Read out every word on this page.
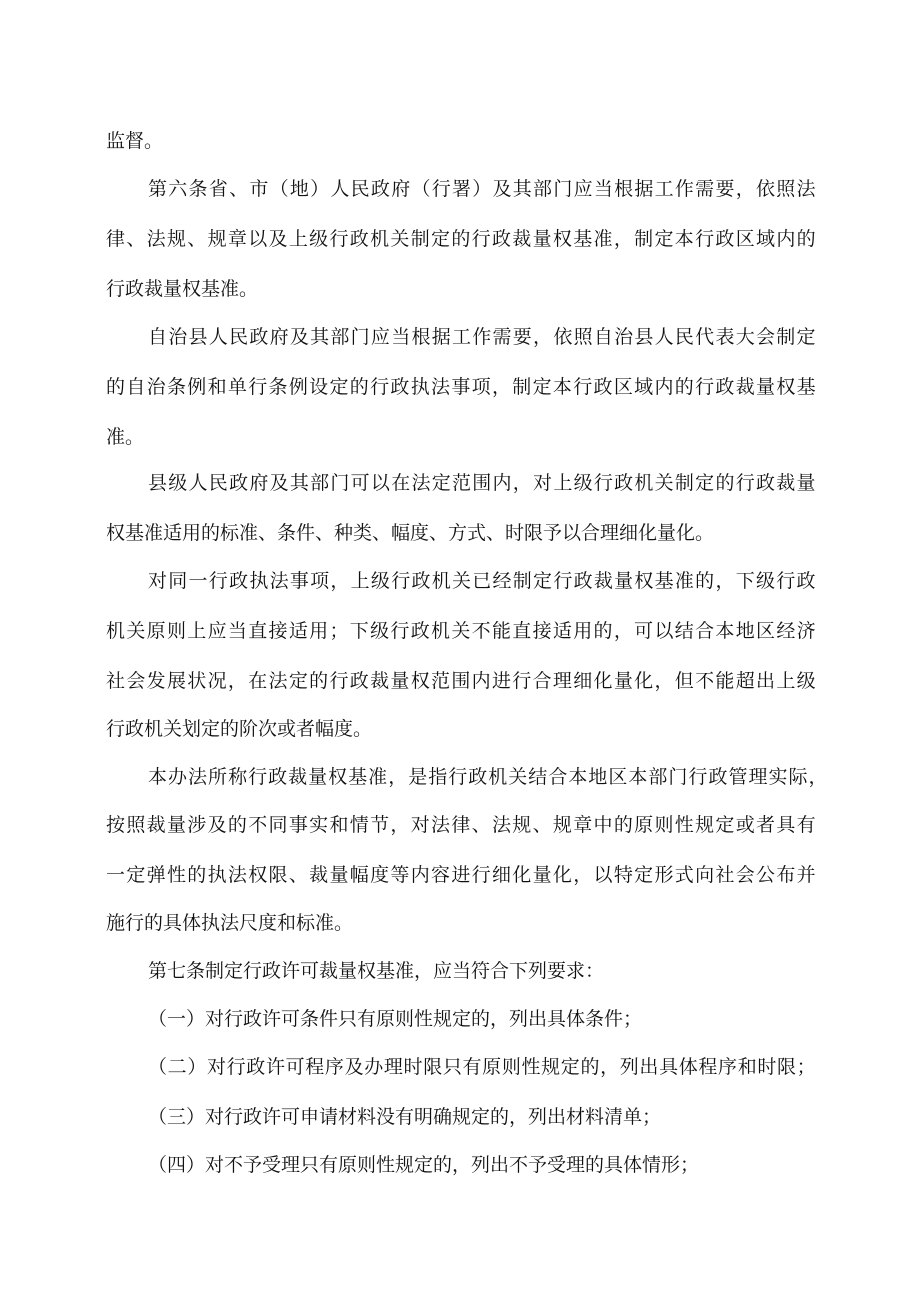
监督。

第 六 条 省 、 市 （ 地 ） 人 民 政 府 （ 行 署 ） 及 其 部 门 应 当 根 据 工 作 需 要 ， 依 照 法

律 、 法 规 、 规 章 以 及 上 级 行 政 机 关 制 定 的 行 政 裁 量 权 基 准 ， 制 定 本 行 政 区 域 内 的

行政裁量权基准。

自 治 县 人 民 政 府 及 其 部 门 应 当 根 据 工 作 需 要 ， 依 照 自 治 县 人 民 代 表 大 会 制 定

的 自 治 条 例 和 单 行 条 例 设 定 的 行 政 执 法 事 项 ， 制 定 本 行 政 区 域 内 的 行 政 裁 量 权 基

准。

县 级 人 民 政 府 及 其 部 门 可 以 在 法 定 范 围 内 ， 对 上 级 行 政 机 关 制 定 的 行 政 裁 量

权基准适用的标准、条件、种类、幅度、方式、时限予以合理细化量化。

对 同 一 行 政 执 法 事 项 ， 上 级 行 政 机 关 已 经 制 定 行 政 裁 量 权 基 准 的 ， 下 级 行 政

机 关 原 则 上 应 当 直 接 适 用 ； 下 级 行 政 机 关 不 能 直 接 适 用 的 ， 可 以 结 合 本 地 区 经 济

社 会 发 展 状 况 ， 在 法 定 的 行 政 裁 量 权 范 围 内 进 行 合 理 细 化 量 化 ， 但 不 能 超 出 上 级

行政机关划定的阶次或者幅度。

本 办 法 所 称 行 政 裁 量 权 基 准 ， 是 指 行 政 机 关 结 合 本 地 区 本 部 门 行 政 管 理 实 际 ，

按 照 裁 量 涉 及 的 不 同 事 实 和 情 节 ， 对 法 律 、 法 规 、 规 章 中 的 原 则 性 规 定 或 者 具 有

一 定 弹 性 的 执 法 权 限 、 裁 量 幅 度 等 内 容 进 行 细 化 量 化 ， 以 特 定 形 式 向 社 会 公 布 并

施行的具体执法尺度和标准。

第七条制定行政许可裁量权基准，应当符合下列要求：

（一）对行政许可条件只有原则性规定的，列出具体条件；

（ 二 ） 对 行 政 许 可 程 序 及 办 理 时 限 只 有 原 则 性 规 定 的 ， 列 出 具 体 程 序 和 时 限 ；

（三）对行政许可申请材料没有明确规定的，列出材料清单；

（四）对不予受理只有原则性规定的，列出不予受理的具体情形；
